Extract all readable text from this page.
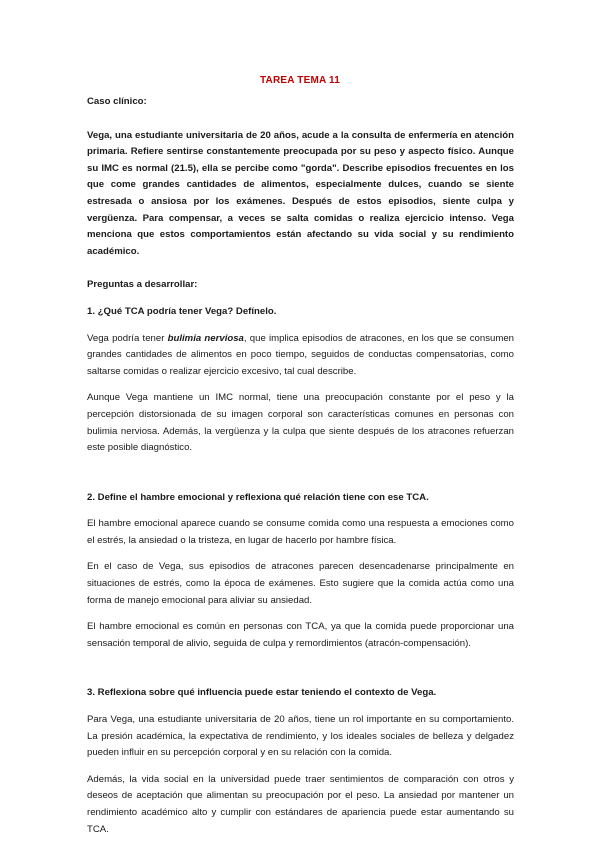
TAREA TEMA 11

Caso clínico:

Vega, una estudiante universitaria de 20 años, acude a la consulta de enfermería en atención primaria. Refiere sentirse constantemente preocupada por su peso y aspecto físico. Aunque su IMC es normal (21.5), ella se percibe como "gorda". Describe episodios frecuentes en los que come grandes cantidades de alimentos, especialmente dulces, cuando se siente estresada o ansiosa por los exámenes. Después de estos episodios, siente culpa y vergüenza. Para compensar, a veces se salta comidas o realiza ejercicio intenso. Vega menciona que estos comportamientos están afectando su vida social y su rendimiento académico.

Preguntas a desarrollar:

1. ¿Qué TCA podría tener Vega? Defínelo.

Vega podría tener bulimia nerviosa, que implica episodios de atracones, en los que se consumen grandes cantidades de alimentos en poco tiempo, seguidos de conductas compensatorias, como saltarse comidas o realizar ejercicio excesivo, tal cual describe.

Aunque Vega mantiene un IMC normal, tiene una preocupación constante por el peso y la percepción distorsionada de su imagen corporal son características comunes en personas con bulimia nerviosa. Además, la vergüenza y la culpa que siente después de los atracones refuerzan este posible diagnóstico.

2. Define el hambre emocional y reflexiona qué relación tiene con ese TCA.

El hambre emocional aparece cuando se consume comida como una respuesta a emociones como el estrés, la ansiedad o la tristeza, en lugar de hacerlo por hambre física.

En el caso de Vega, sus episodios de atracones parecen desencadenarse principalmente en situaciones de estrés, como la época de exámenes. Esto sugiere que la comida actúa como una forma de manejo emocional para aliviar su ansiedad.

El hambre emocional es común en personas con TCA, ya que la comida puede proporcionar una sensación temporal de alivio, seguida de culpa y remordimientos (atracón-compensación).

3. Reflexiona sobre qué influencia puede estar teniendo el contexto de Vega.

Para Vega, una estudiante universitaria de 20 años, tiene un rol importante en su comportamiento. La presión académica, la expectativa de rendimiento, y los ideales sociales de belleza y delgadez pueden influir en su percepción corporal y en su relación con la comida.

Además, la vida social en la universidad puede traer sentimientos de comparación con otros y deseos de aceptación que alimentan su preocupación por el peso. La ansiedad por mantener un rendimiento académico alto y cumplir con estándares de apariencia puede estar aumentando su TCA.
